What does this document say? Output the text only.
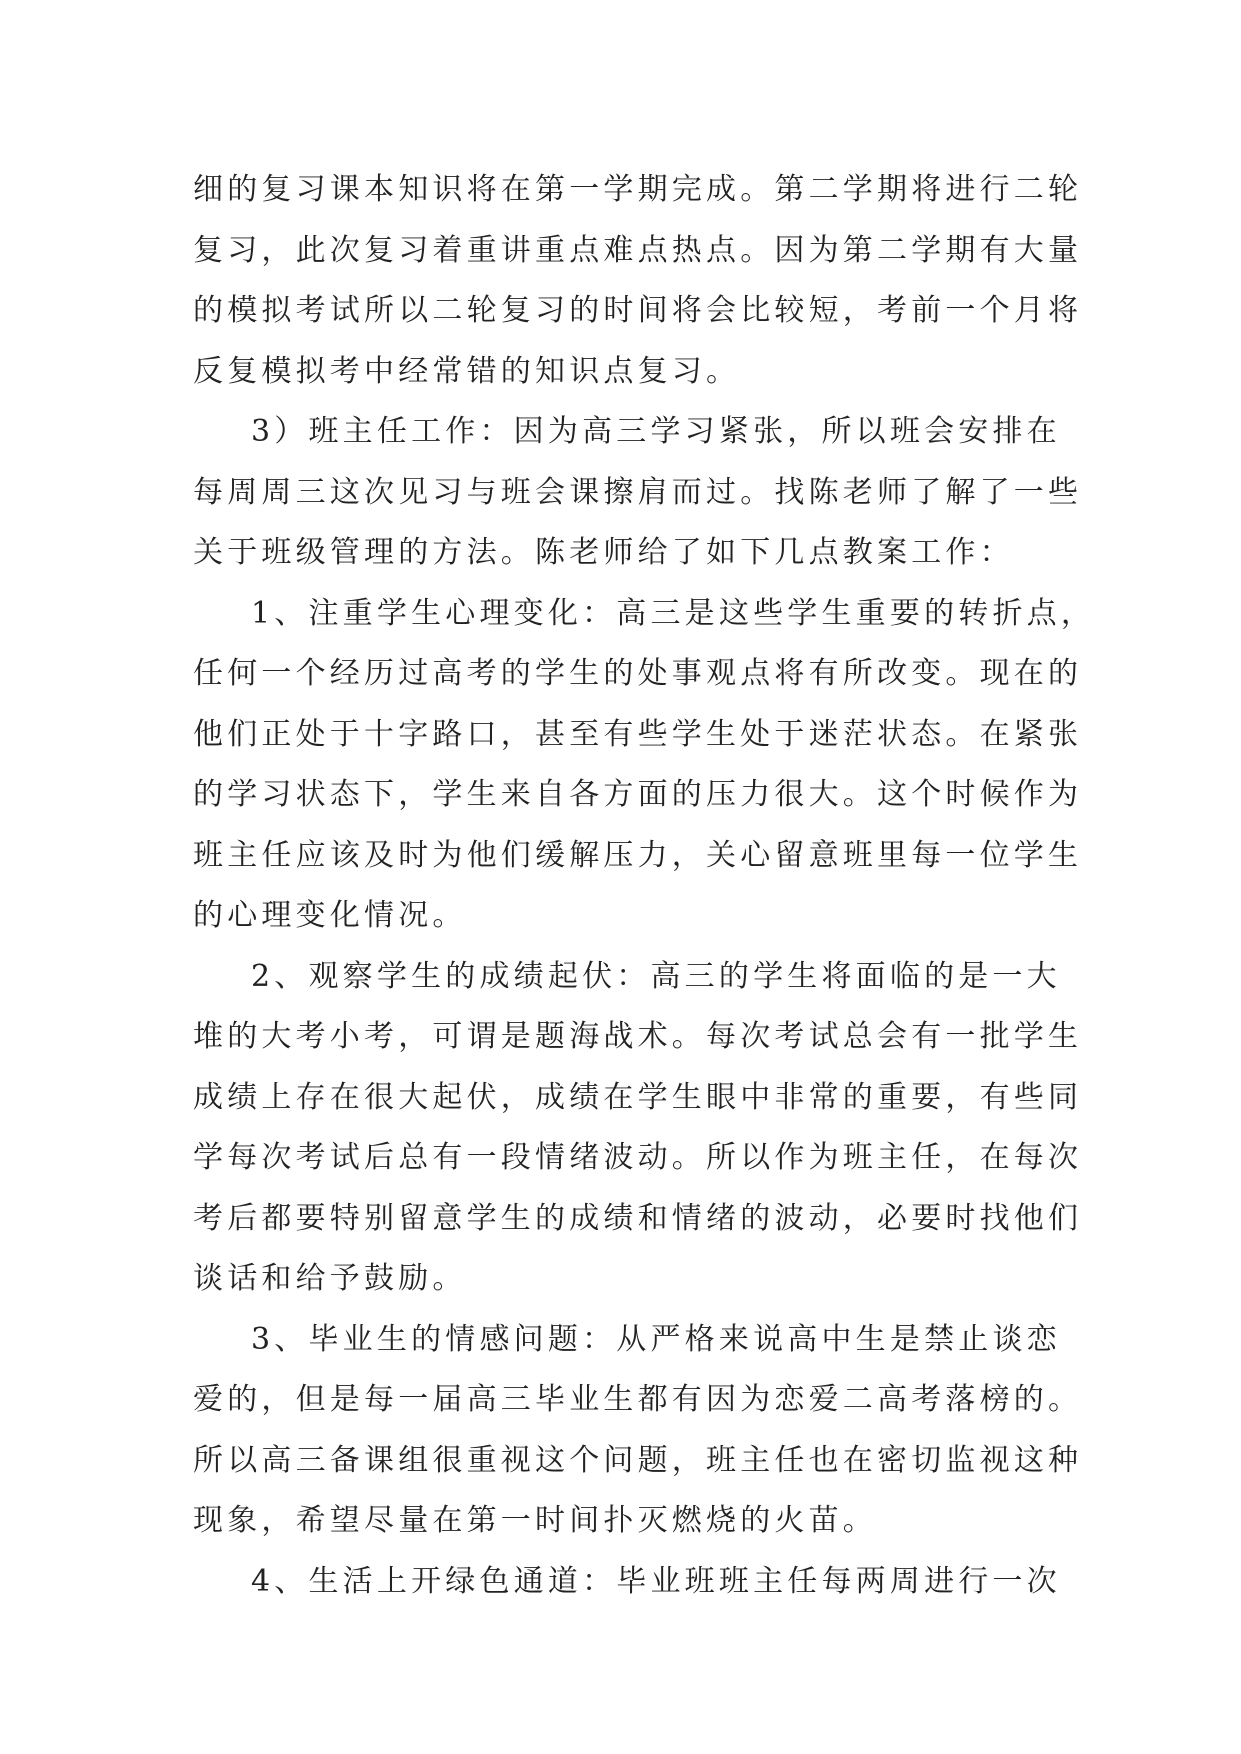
细的复习课本知识将在第一学期完成。第二学期将进行二轮
复习，此次复习着重讲重点难点热点。因为第二学期有大量
的模拟考试所以二轮复习的时间将会比较短，考前一个月将
反复模拟考中经常错的知识点复习。
3）班主任工作：因为高三学习紧张，所以班会安排在
每周周三这次见习与班会课擦肩而过。找陈老师了解了一些
关于班级管理的方法。陈老师给了如下几点教案工作：
1、注重学生心理变化：高三是这些学生重要的转折点，
任何一个经历过高考的学生的处事观点将有所改变。现在的
他们正处于十字路口，甚至有些学生处于迷茫状态。在紧张
的学习状态下，学生来自各方面的压力很大。这个时候作为
班主任应该及时为他们缓解压力，关心留意班里每一位学生
的心理变化情况。
2、观察学生的成绩起伏：高三的学生将面临的是一大
堆的大考小考，可谓是题海战术。每次考试总会有一批学生
成绩上存在很大起伏，成绩在学生眼中非常的重要，有些同
学每次考试后总有一段情绪波动。所以作为班主任，在每次
考后都要特别留意学生的成绩和情绪的波动，必要时找他们
谈话和给予鼓励。
3、毕业生的情感问题：从严格来说高中生是禁止谈恋
爱的，但是每一届高三毕业生都有因为恋爱二高考落榜的。
所以高三备课组很重视这个问题，班主任也在密切监视这种
现象，希望尽量在第一时间扑灭燃烧的火苗。
4、生活上开绿色通道：毕业班班主任每两周进行一次
